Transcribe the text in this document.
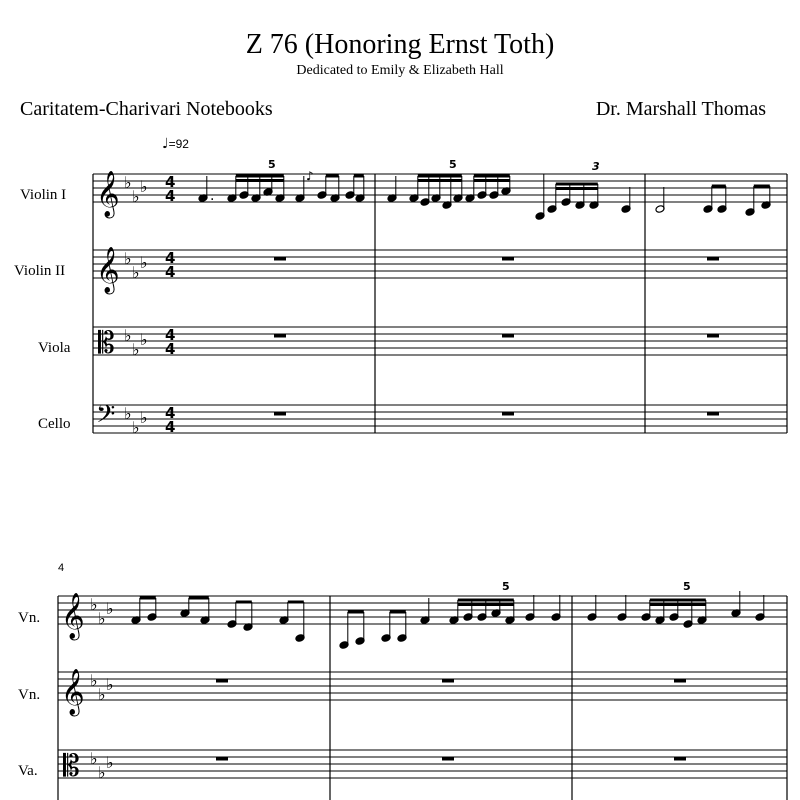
Z 76 (Honoring Ernst Toth)
Dedicated to Emily & Elizabeth Hall
Caritatem-Charivari Notebooks	Dr. Marshall Thomas
♩=92
Violin I
Violin II
Viola
Cello
4
Vn.
Vn.
Va.
𝄞
𝄞
𝄡
𝄢
♭
♭
♭ 4
4
♭
♭
♭ 4
4
♭
♭
♭ 4
4
♭
♭
♭ 4
4
.
5
♪
5	3
𝄞
𝄞
𝄡
♭
♭
♭
♭
♭
♭
♭
♭
♭
5	5
